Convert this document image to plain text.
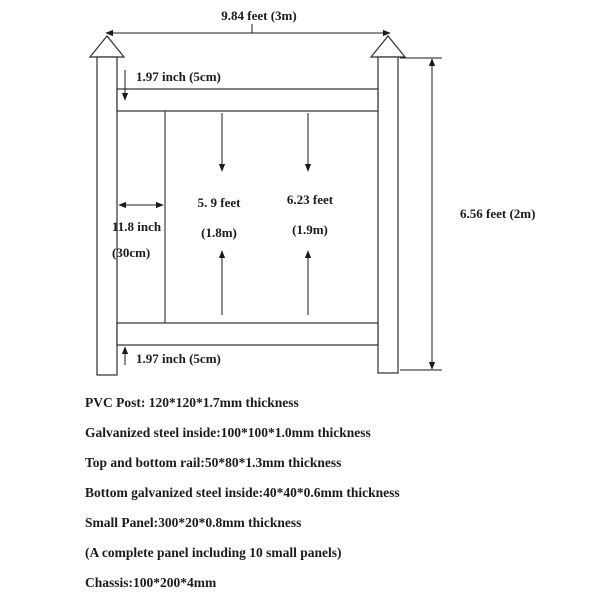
9.84 feet (3m)
1.97 inch (5cm)
5. 9 feet
(1.8m)
6.23 feet
(1.9m)
11.8 inch
(30cm)
6.56 feet (2m)
1.97 inch (5cm)
PVC Post: 120*120*1.7mm thickness
Galvanized steel inside:100*100*1.0mm thickness
Top and bottom rail:50*80*1.3mm thickness
Bottom galvanized steel inside:40*40*0.6mm thickness
Small Panel:300*20*0.8mm thickness
(A complete panel including 10 small panels)
Chassis:100*200*4mm
